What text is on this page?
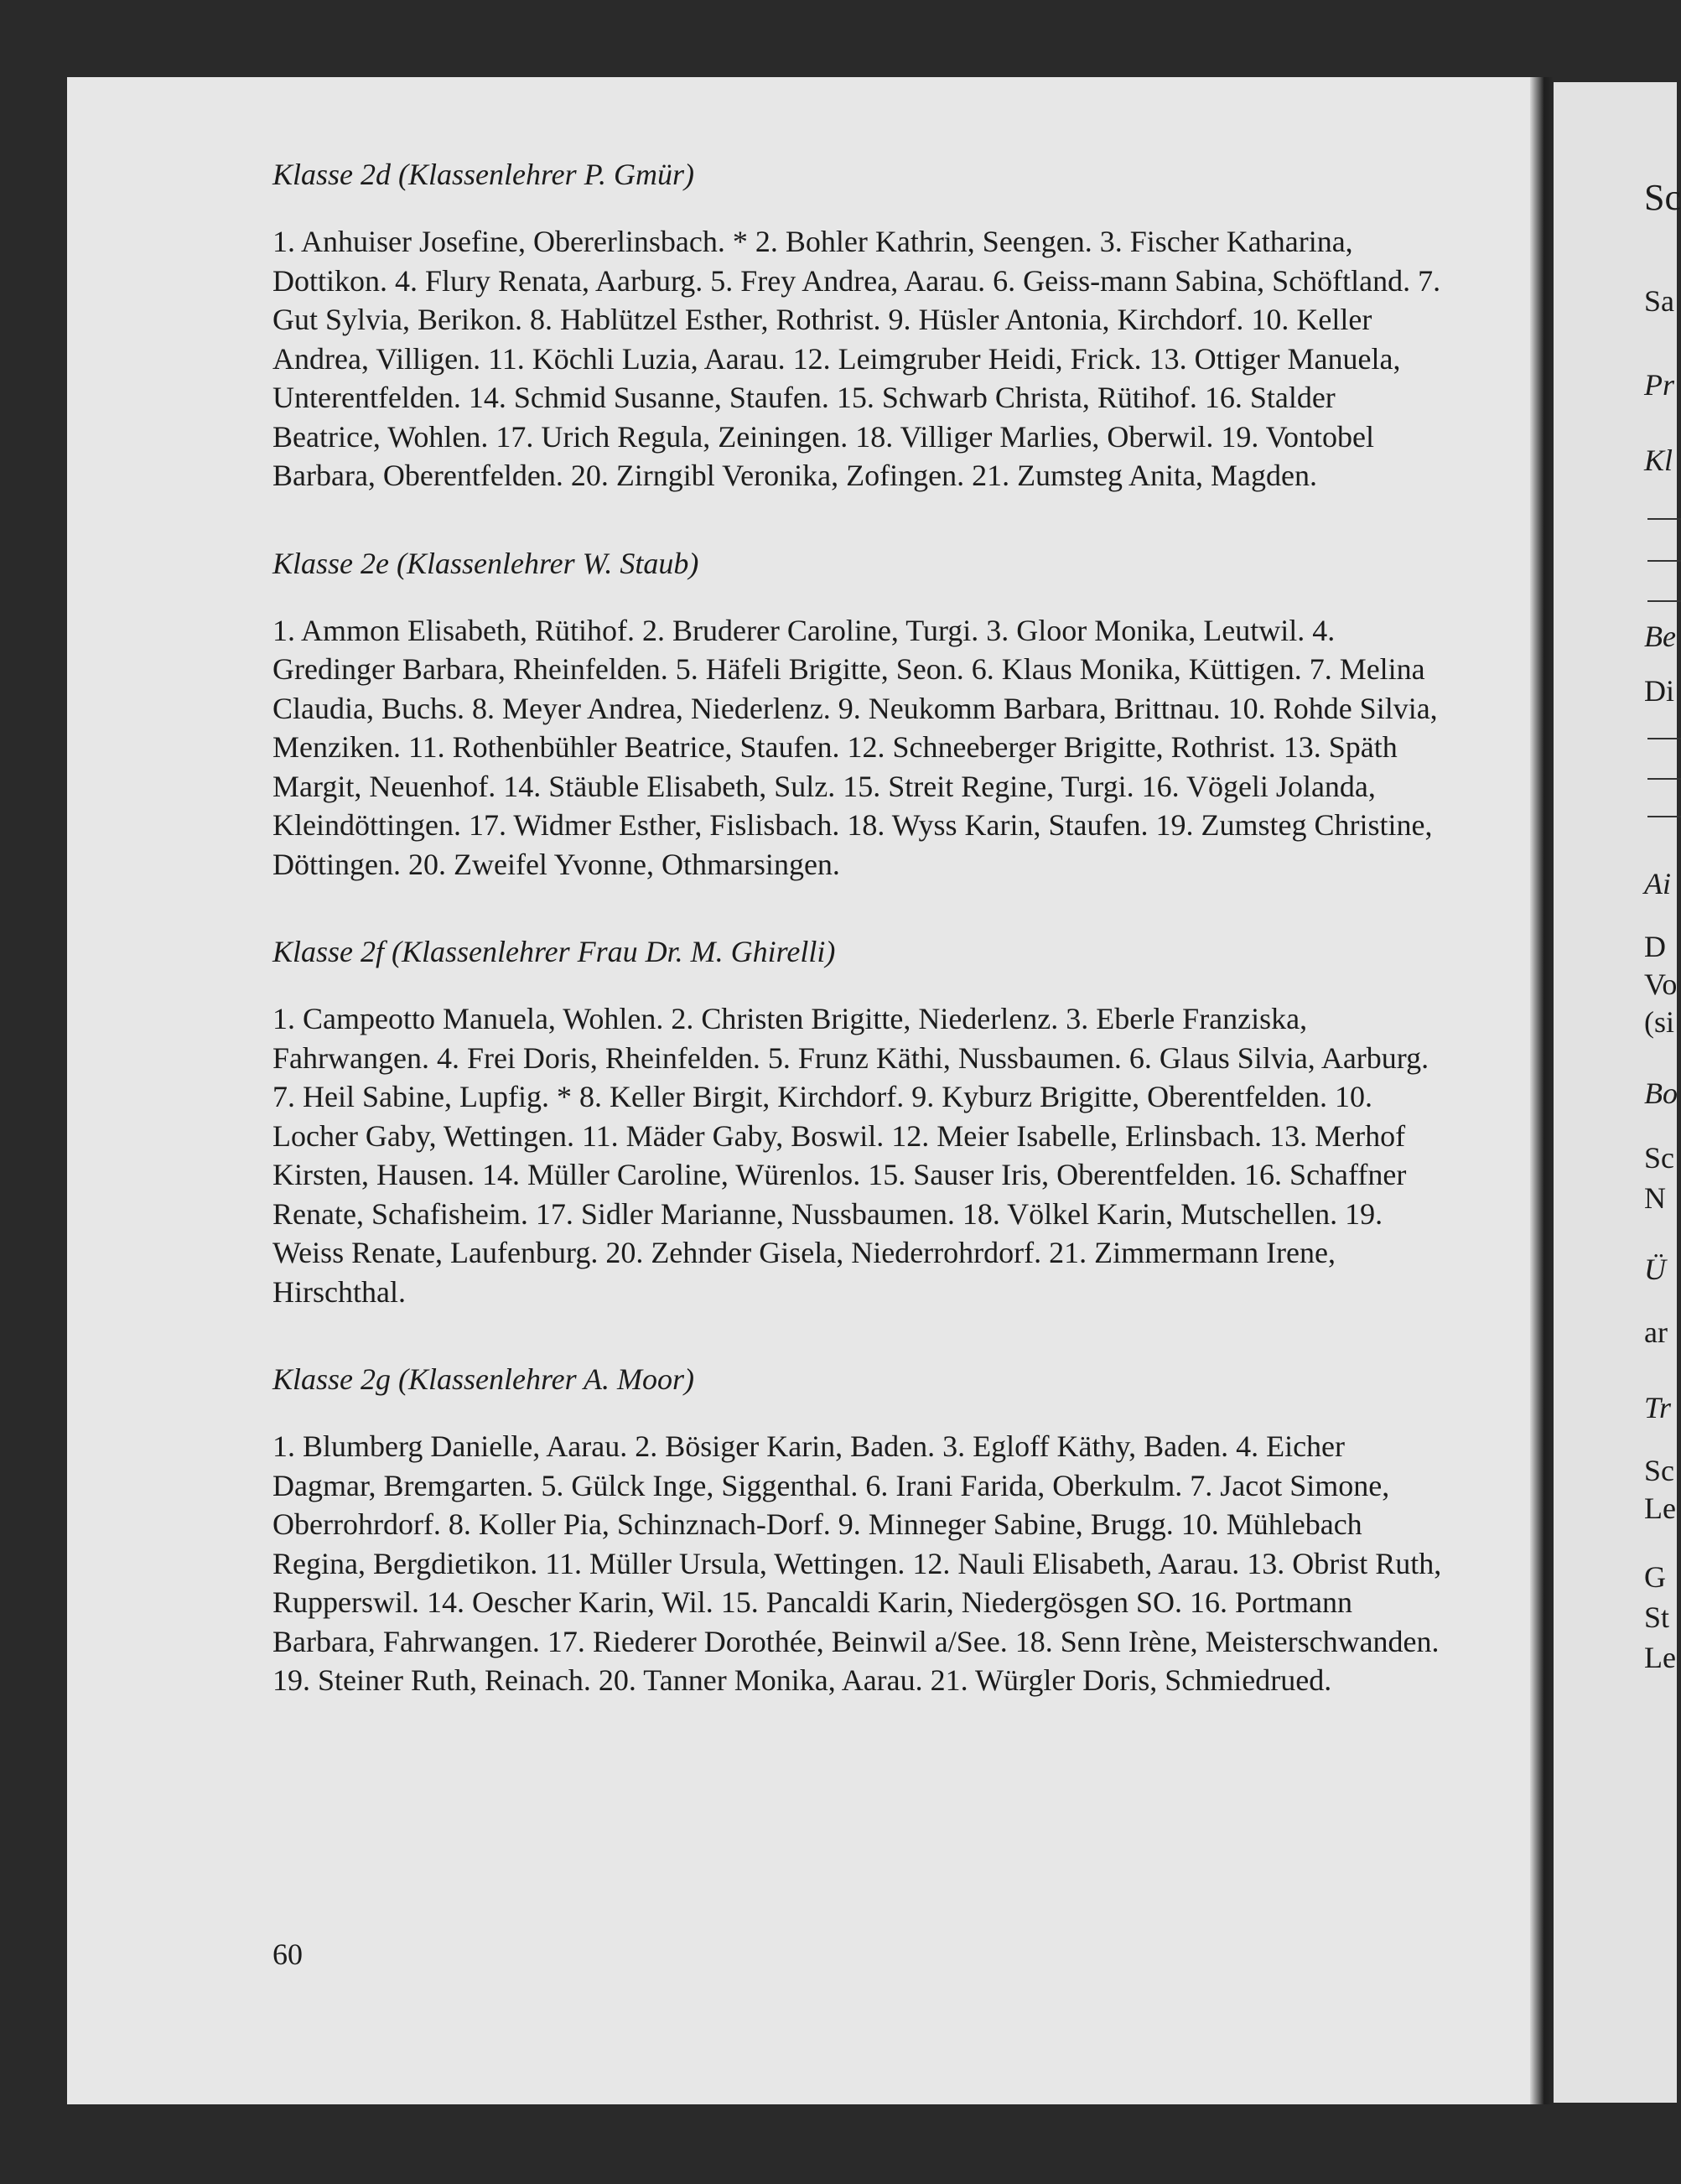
Sc
Sa
Pr
Kl
Be
Di
Ai
D
Vo
(si
Bo
Sc
N
Ü
ar
Tr
Sc
Le
G
St
Le
Klasse 2d (Klassenlehrer P. Gmür)
1. Anhuiser Josefine, Obererlinsbach. * 2. Bohler Kathrin, Seengen. 3. Fischer Katharina, Dottikon. 4. Flury Renata, Aarburg. 5. Frey Andrea, Aarau. 6. Geiss-mann Sabina, Schöftland. 7. Gut Sylvia, Berikon. 8. Hablützel Esther, Rothrist. 9. Hüsler Antonia, Kirchdorf. 10. Keller Andrea, Villigen. 11. Köchli Luzia, Aarau. 12. Leimgruber Heidi, Frick. 13. Ottiger Manuela, Unterentfelden. 14. Schmid Susanne, Staufen. 15. Schwarb Christa, Rütihof. 16. Stalder Beatrice, Wohlen. 17. Urich Regula, Zeiningen. 18. Villiger Marlies, Oberwil. 19. Vontobel Barbara, Oberentfelden. 20. Zirngibl Veronika, Zofingen. 21. Zumsteg Anita, Magden.
Klasse 2e (Klassenlehrer W. Staub)
1. Ammon Elisabeth, Rütihof. 2. Bruderer Caroline, Turgi. 3. Gloor Monika, Leutwil. 4. Gredinger Barbara, Rheinfelden. 5. Häfeli Brigitte, Seon. 6. Klaus Monika, Küttigen. 7. Melina Claudia, Buchs. 8. Meyer Andrea, Niederlenz. 9. Neukomm Barbara, Brittnau. 10. Rohde Silvia, Menziken. 11. Rothenbühler Beatrice, Staufen. 12. Schneeberger Brigitte, Rothrist. 13. Späth Margit, Neuenhof. 14. Stäuble Elisabeth, Sulz. 15. Streit Regine, Turgi. 16. Vögeli Jolanda, Kleindöttingen. 17. Widmer Esther, Fislisbach. 18. Wyss Karin, Staufen. 19. Zumsteg Christine, Döttingen. 20. Zweifel Yvonne, Othmarsingen.
Klasse 2f (Klassenlehrer Frau Dr. M. Ghirelli)
1. Campeotto Manuela, Wohlen. 2. Christen Brigitte, Niederlenz. 3. Eberle Franziska, Fahrwangen. 4. Frei Doris, Rheinfelden. 5. Frunz Käthi, Nussbaumen. 6. Glaus Silvia, Aarburg. 7. Heil Sabine, Lupfig. * 8. Keller Birgit, Kirchdorf. 9. Kyburz Brigitte, Oberentfelden. 10. Locher Gaby, Wettingen. 11. Mäder Gaby, Boswil. 12. Meier Isabelle, Erlinsbach. 13. Merhof Kirsten, Hausen. 14. Müller Caroline, Würenlos. 15. Sauser Iris, Oberentfelden. 16. Schaffner Renate, Schafisheim. 17. Sidler Marianne, Nussbaumen. 18. Völkel Karin, Mutschellen. 19. Weiss Renate, Laufenburg. 20. Zehnder Gisela, Niederrohrdorf. 21. Zimmermann Irene, Hirschthal.
Klasse 2g (Klassenlehrer A. Moor)
1. Blumberg Danielle, Aarau. 2. Bösiger Karin, Baden. 3. Egloff Käthy, Baden. 4. Eicher Dagmar, Bremgarten. 5. Gülck Inge, Siggenthal. 6. Irani Farida, Oberkulm. 7. Jacot Simone, Oberrohrdorf. 8. Koller Pia, Schinznach-Dorf. 9. Minneger Sabine, Brugg. 10. Mühlebach Regina, Bergdietikon. 11. Müller Ursula, Wettingen. 12. Nauli Elisabeth, Aarau. 13. Obrist Ruth, Rupperswil. 14. Oescher Karin, Wil. 15. Pancaldi Karin, Niedergösgen SO. 16. Portmann Barbara, Fahrwangen. 17. Riederer Dorothée, Beinwil a/See. 18. Senn Irène, Meisterschwanden. 19. Steiner Ruth, Reinach. 20. Tanner Monika, Aarau. 21. Würgler Doris, Schmiedrued.
60
